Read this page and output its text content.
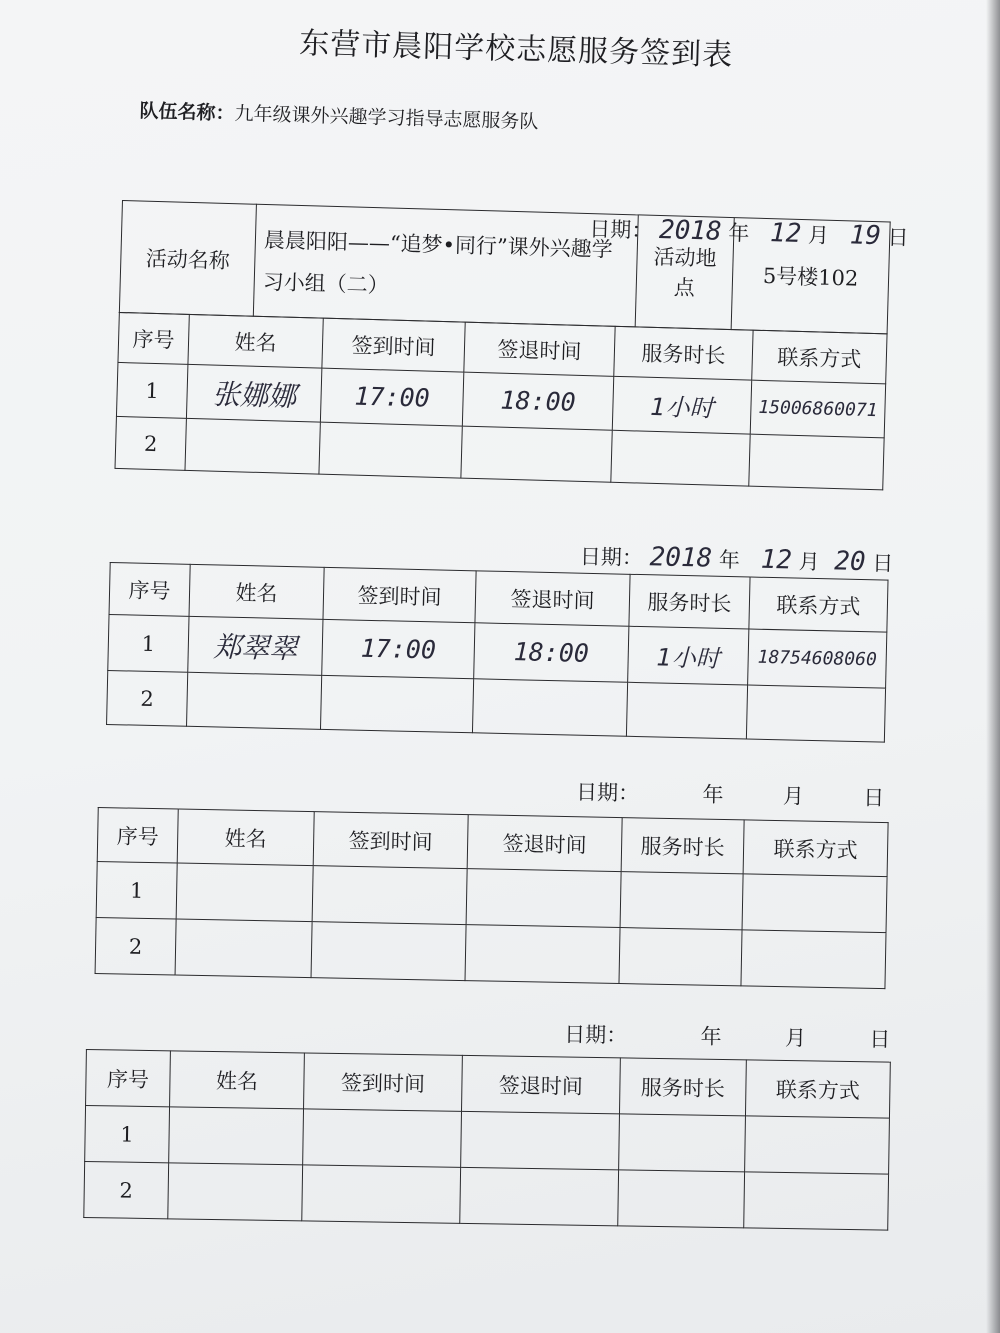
东营市晨阳学校志愿服务签到表
队伍名称：九年级课外兴趣学习指导志愿服务队
日期： 2018 年 12 月 19 日
活动名称	晨晨阳阳——“追梦•同行”课外兴趣学习小组（二）	活动地点	5号楼102
序号	姓名	签到时间	签退时间	服务时长	联系方式
1	张娜娜	17:00	18:00	1小时	15006860071
2					
日期： 2018 年 12 月 20 日
序号	姓名	签到时间	签退时间	服务时长	联系方式
1	郑翠翠	17:00	18:00	1小时	18754608060
2					
日期：	年	月	日
序号	姓名	签到时间	签退时间	服务时长	联系方式
1					
2					
日期：	年	月	日
序号	姓名	签到时间	签退时间	服务时长	联系方式
1					
2					
